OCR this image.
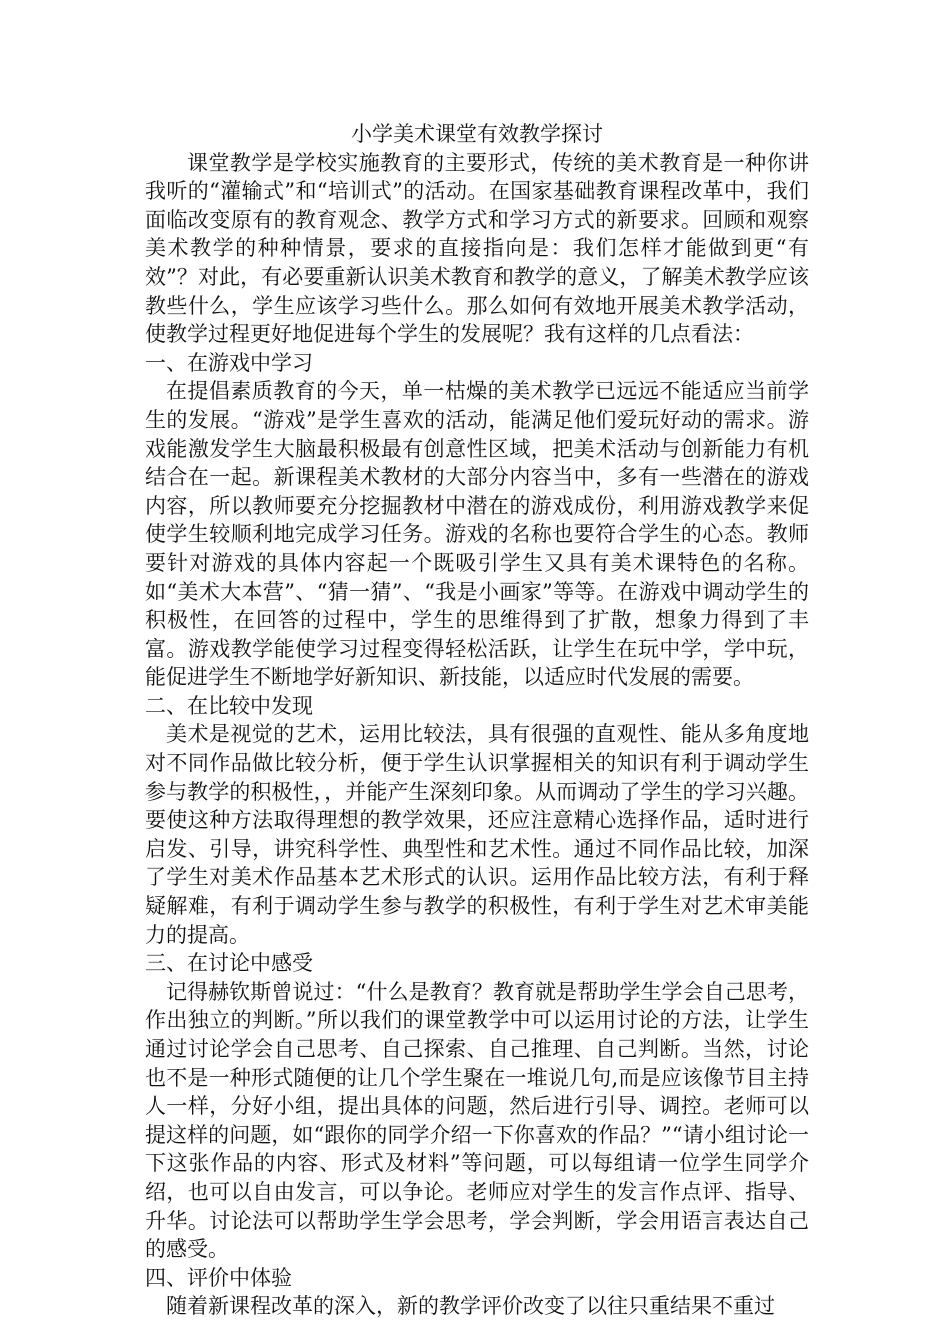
小学美术课堂有效教学探讨

课堂教学是学校实施教育的主要形式，传统的美术教育是一种你讲我听的“灌输式”和“培训式”的活动。在国家基础教育课程改革中，我们面临改变原有的教育观念、教学方式和学习方式的新要求。回顾和观察美术教学的种种情景，要求的直接指向是：我们怎样才能做到更“有效”？对此，有必要重新认识美术教育和教学的意义，了解美术教学应该教些什么，学生应该学习些什么。那么如何有效地开展美术教学活动，使教学过程更好地促进每个学生的发展呢？我有这样的几点看法：

一、在游戏中学习

在提倡素质教育的今天，单一枯燥的美术教学已远远不能适应当前学生的发展。“游戏”是学生喜欢的活动，能满足他们爱玩好动的需求。游戏能激发学生大脑最积极最有创意性区域，把美术活动与创新能力有机结合在一起。新课程美术教材的大部分内容当中，多有一些潜在的游戏内容，所以教师要充分挖掘教材中潜在的游戏成份，利用游戏教学来促使学生较顺利地完成学习任务。游戏的名称也要符合学生的心态。教师要针对游戏的具体内容起一个既吸引学生又具有美术课特色的名称。如“美术大本营”、“猜一猜”、“我是小画家”等等。在游戏中调动学生的积极性，在回答的过程中，学生的思维得到了扩散，想象力得到了丰富。游戏教学能使学习过程变得轻松活跃，让学生在玩中学，学中玩，能促进学生不断地学好新知识、新技能，以适应时代发展的需要。

二、在比较中发现

美术是视觉的艺术，运用比较法，具有很强的直观性、能从多角度地对不同作品做比较分析，便于学生认识掌握相关的知识有利于调动学生参与教学的积极性，，并能产生深刻印象。从而调动了学生的学习兴趣。要使这种方法取得理想的教学效果，还应注意精心选择作品，适时进行启发、引导，讲究科学性、典型性和艺术性。通过不同作品比较，加深了学生对美术作品基本艺术形式的认识。运用作品比较方法，有利于释疑解难，有利于调动学生参与教学的积极性，有利于学生对艺术审美能力的提高。

三、在讨论中感受

记得赫钦斯曾说过：“什么是教育？教育就是帮助学生学会自己思考，作出独立的判断。”所以我们的课堂教学中可以运用讨论的方法，让学生通过讨论学会自己思考、自己探索、自己推理、自己判断。当然，讨论也不是一种形式随便的让几个学生聚在一堆说几句,而是应该像节目主持人一样，分好小组，提出具体的问题，然后进行引导、调控。老师可以提这样的问题，如“跟你的同学介绍一下你喜欢的作品？”“请小组讨论一下这张作品的内容、形式及材料”等问题，可以每组请一位学生同学介绍，也可以自由发言，可以争论。老师应对学生的发言作点评、指导、升华。讨论法可以帮助学生学会思考，学会判断，学会用语言表达自己的感受。

四、评价中体验

随着新课程改革的深入，新的教学评价改变了以往只重结果不重过
